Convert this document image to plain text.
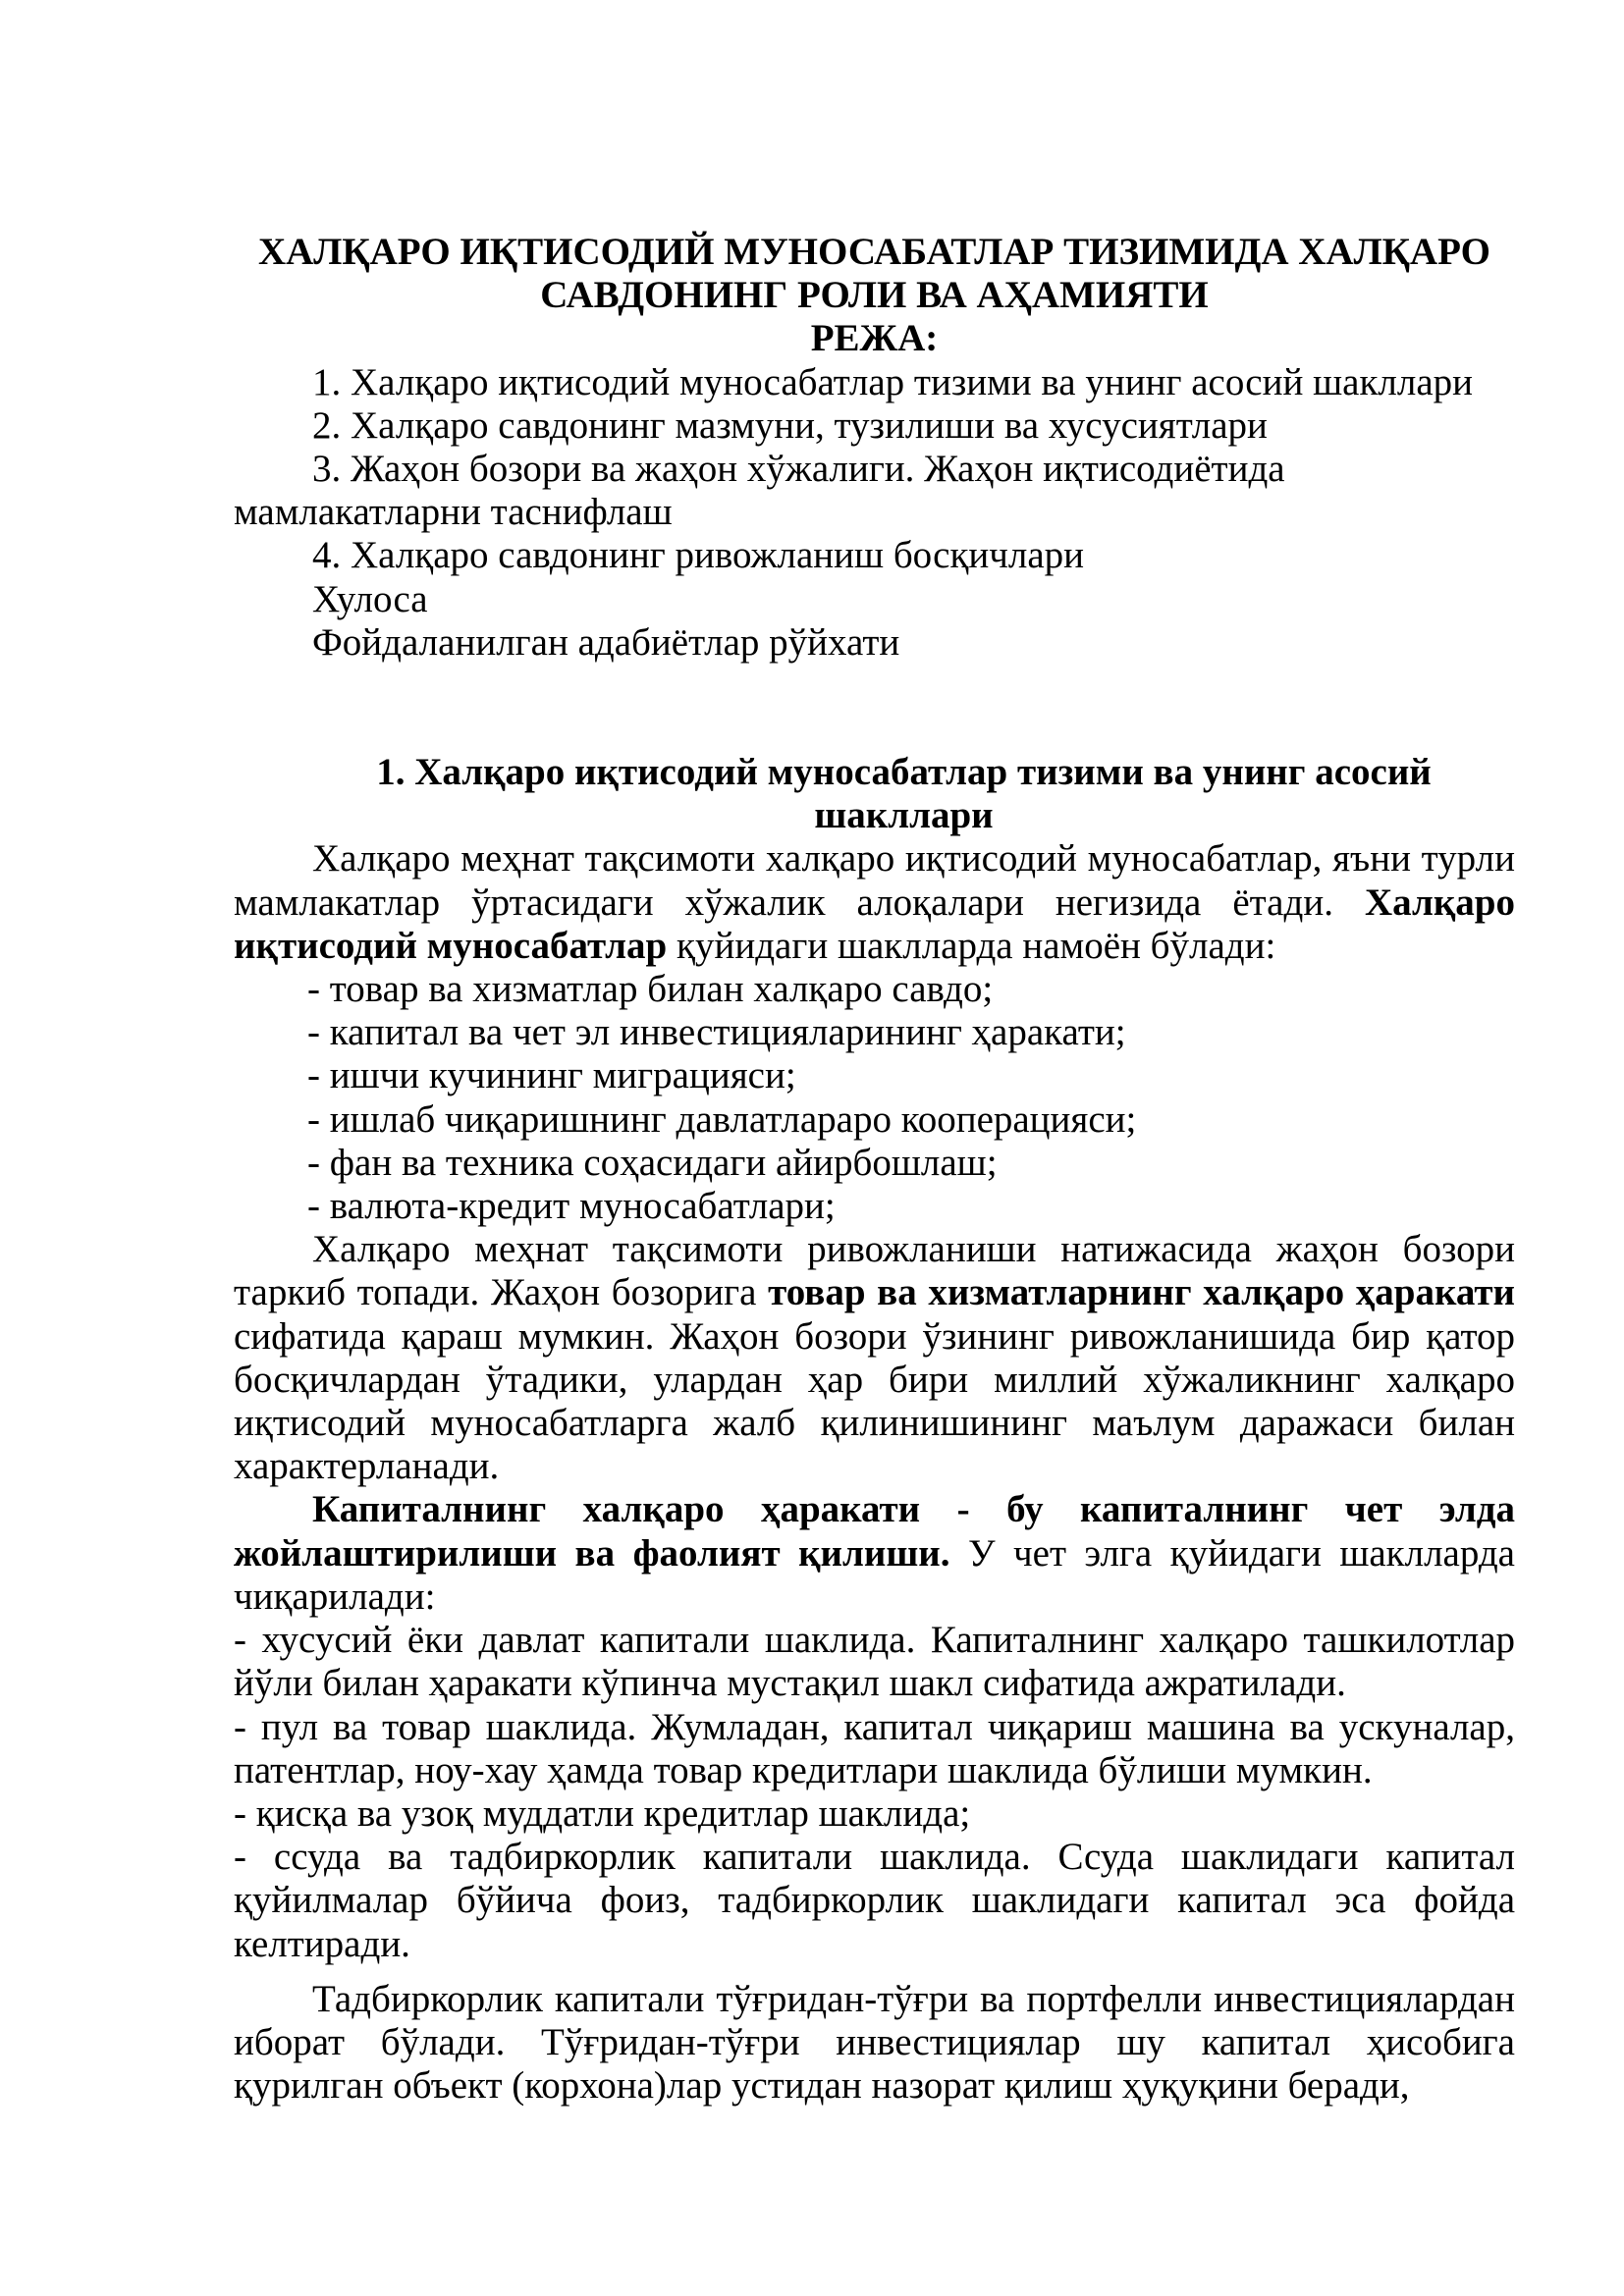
ХАЛҚАРО ИҚТИСОДИЙ МУНОСАБАТЛАР ТИЗИМИДА ХАЛҚАРО

САВДОНИНГ РОЛИ ВА АҲАМИЯТИ

РЕЖА:

1. Халқаро иқтисодий муносабатлар тизими ва унинг асосий шакллари

2. Халқаро савдонинг мазмуни, тузилиши ва хусусиятлари

3. Жаҳон бозори ва жаҳон хўжалиги. Жаҳон иқтисодиётида

мамлакатларни таснифлаш

4. Халқаро савдонинг ривожланиш босқичлари

Хулоса

Фойдаланилган адабиётлар рўйхати

1. Халқаро иқтисодий муносабатлар тизими ва унинг асосий шакллари

Халқаро меҳнат тақсимоти халқаро иқтисодий муносабатлар, яъни турли мамлакатлар ўртасидаги хўжалик алоқалари негизида ётади. Халқаро иқтисодий муносабатлар қуйидаги шаклларда намоён бўлади:

- товар ва хизматлар билан халқаро савдо;

- капитал ва чет эл инвестицияларининг ҳаракати;

- ишчи кучининг миграцияси;

- ишлаб чиқаришнинг давлатлараро кооперацияси;

- фан ва техника соҳасидаги айирбошлаш;

- валюта-кредит муносабатлари;

Халқаро меҳнат тақсимоти ривожланиши натижасида жаҳон бозори таркиб топади. Жаҳон бозорига товар ва хизматларнинг халқаро ҳаракати сифатида қараш мумкин. Жаҳон бозори ўзининг ривожланишида бир қатор босқичлардан ўтадики, улардан ҳар бири миллий хўжаликнинг халқаро иқтисодий муносабатларга жалб қилинишининг маълум даражаси билан характерланади.

Капиталнинг халқаро ҳаракати - бу капиталнинг чет элда жойлаштирилиши ва фаолият қилиши. У чет элга қуйидаги шаклларда чиқарилади:

- хусусий ёки давлат капитали шаклида. Капиталнинг халқаро ташкилотлар йўли билан ҳаракати кўпинча мустақил шакл сифатида ажратилади.

- пул ва товар шаклида. Жумладан, капитал чиқариш машина ва ускуналар, патентлар, ноу-хау ҳамда товар кредитлари шаклида бўлиши мумкин.

- қисқа ва узоқ муддатли кредитлар шаклида;

- ссуда ва тадбиркорлик капитали шаклида. Ссуда шаклидаги капитал қуйилмалар бўйича фоиз, тадбиркорлик шаклидаги капитал эса фойда келтиради.

Тадбиркорлик капитали тўғридан-тўғри ва портфелли инвестициялардан иборат бўлади. Тўғридан-тўғри инвестициялар шу капитал ҳисобига қурилган объект (корхона)лар устидан назорат қилиш ҳуқуқини беради,
